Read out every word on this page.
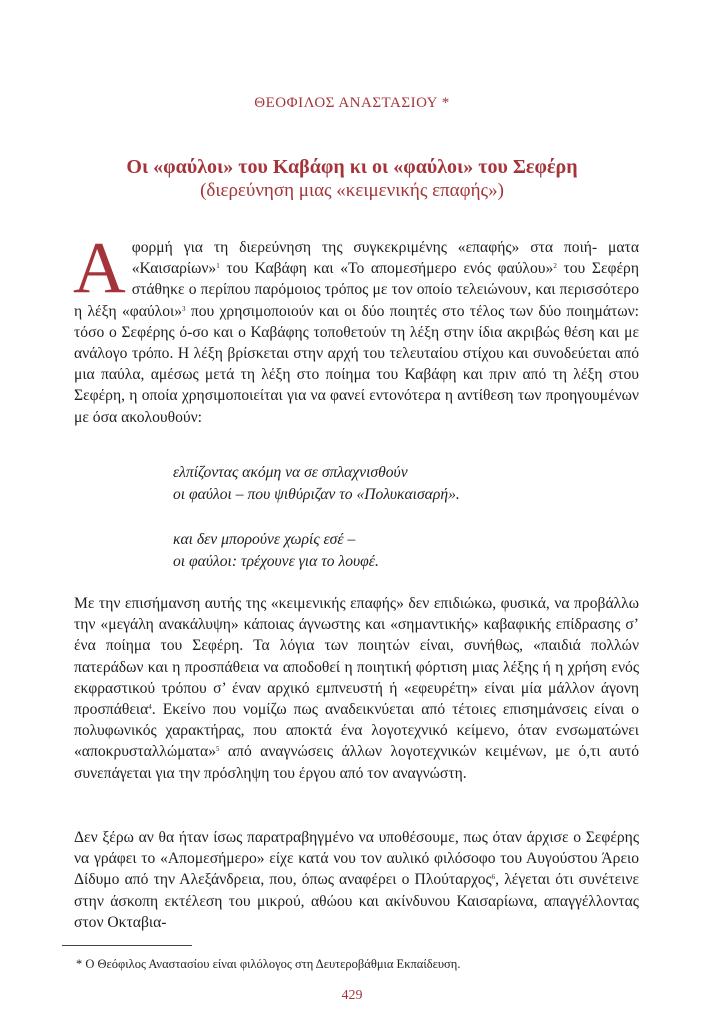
ΘΕΟΦΙΛΟΣ ΑΝΑΣΤΑΣΙΟΥ *
Οι «φαύλοι» του Καβάφη κι οι «φαύλοι» του Σεφέρη
(διερεύνηση μιας «κειμενικής επαφής»)

Αφορμή για τη διερεύνηση της συγκεκριμένης «επαφής» στα ποιή- ματα «Καισαρίων»$^1$ του Καβάφη και «Το απομεσήμερο ενός φαύλου»$^2$ του Σεφέρη στάθηκε ο περίπου παρόμοιος τρόπος με τον οποίο τελειώνουν, και περισσότερο η λέξη «φαύλοι»$^3$ που χρησιμοποιούν και οι δύο ποιητές στο τέλος των δύο ποιημάτων: τόσο ο Σεφέρης ό-σο και ο Καβάφης τοποθετούν τη λέξη στην ίδια ακριβώς θέση και με ανάλογο τρόπο. Η λέξη βρίσκεται στην αρχή του τελευταίου στίχου και συνοδεύεται από μια παύλα, αμέσως μετά τη λέξη στο ποίημα του Καβάφη και πριν από τη λέξη στου Σεφέρη, η οποία χρησιμοποιείται για να φανεί εντονότερα η αντίθεση των προηγουμένων με όσα ακολουθούν:

ελπίζοντας ακόμη να σε σπλαχνισθούν
οι φαύλοι – που ψιθύριζαν το «Πολυκαισαρή».
και δεν μπορούνε χωρίς εσέ –
οι φαύλοι: τρέχουνε για το λουφέ.

Με την επισήμανση αυτής της «κειμενικής επαφής» δεν επιδιώκω, φυσικά, να προβάλλω την «μεγάλη ανακάλυψη» κάποιας άγνωστης και «σημαντικής» καβαφικής επίδρασης σ’ ένα ποίημα του Σεφέρη. Τα λόγια των ποιητών είναι, συνήθως, «παιδιά πολλών πατεράδων και η προσπάθεια να αποδοθεί η ποιητική φόρτιση μιας λέξης ή η χρήση ενός εκφραστικού τρόπου σ’ έναν αρχικό εμπνευστή ή «εφευρέτη» είναι μία μάλλον άγονη προσπάθεια$^4$. Εκείνο που νομίζω πως αναδεικνύεται από τέτοιες επισημάνσεις είναι ο πολυφωνικός χαρακτήρας, που αποκτά ένα λογοτεχνικό κείμενο, όταν ενσωματώνει «αποκρυσταλλώματα»$^5$ από αναγνώσεις άλλων λογοτεχνικών κειμένων, με ό,τι αυτό συνεπάγεται για την πρόσληψη του έργου από τον αναγνώστη.

Δεν ξέρω αν θα ήταν ίσως παρατραβηγμένο να υποθέσουμε, πως όταν άρχισε ο Σεφέρης να γράφει το «Απομεσήμερο» είχε κατά νου τον αυλικό φιλόσοφο του Αυγούστου Άρειο Δίδυμο από την Αλεξάνδρεια, που, όπως αναφέρει ο Πλούταρχος$^6$, λέγεται ότι συνέτεινε στην άσκοπη εκτέλεση του μικρού, αθώου και ακίνδυνου Καισαρίωνα, απαγγέλλοντας στον Οκταβια-

* Ο Θεόφιλος Αναστασίου είναι φιλόλογος στη Δευτεροβάθμια Εκπαίδευση.
429
